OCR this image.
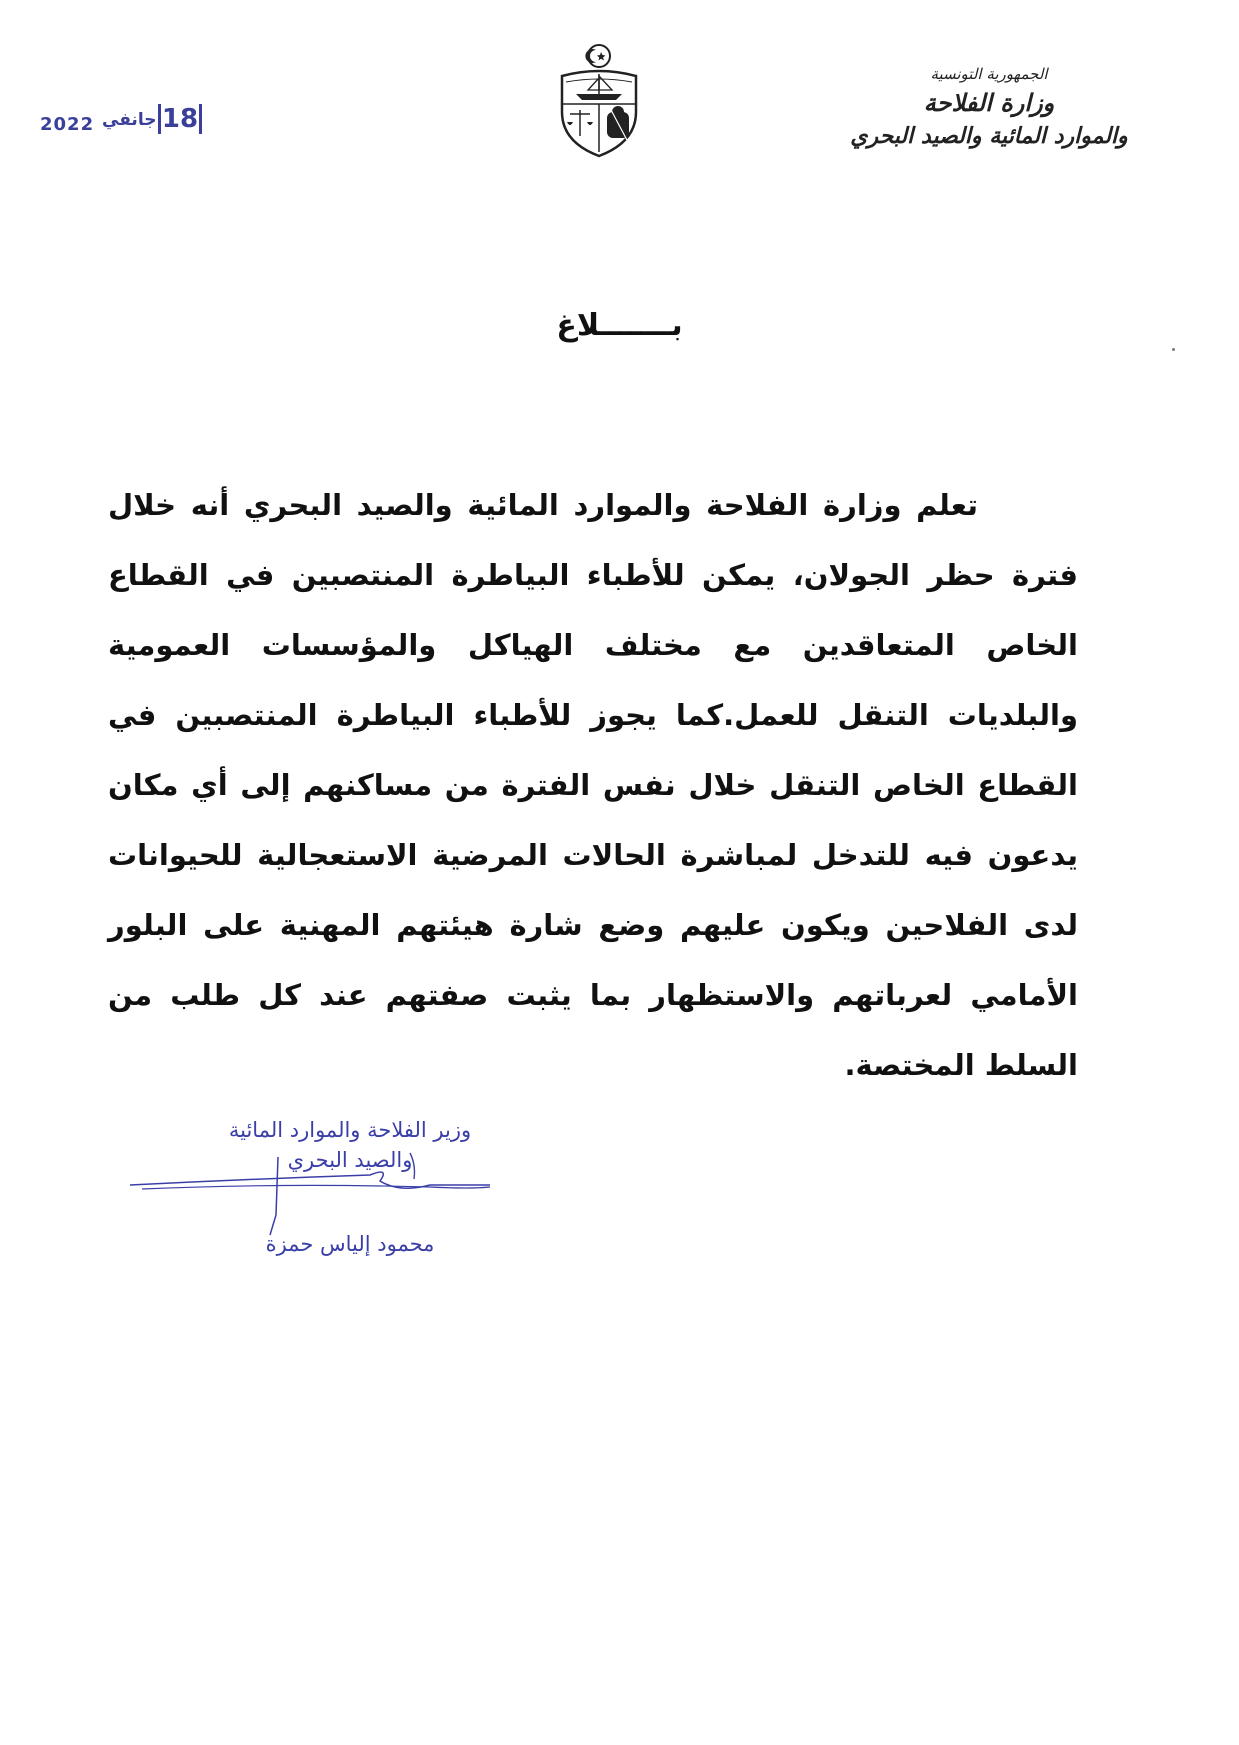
2022 جانفي 18
الجمهورية التونسية
وزارة الفلاحة
والموارد المائية والصيد البحري
بـــــــلاغ
تعلم وزارة الفلاحة والموارد المائية والصيد البحري أنه خلال فترة حظر الجولان، يمكن للأطباء البياطرة المنتصبين في القطاع الخاص المتعاقدين مع مختلف الهياكل والمؤسسات العمومية والبلديات التنقل للعمل.كما يجوز للأطباء البياطرة المنتصبين في القطاع الخاص التنقل خلال نفس الفترة من مساكنهم إلى أي مكان يدعون فيه للتدخل لمباشرة الحالات المرضية الاستعجالية للحيوانات لدى الفلاحين ويكون عليهم وضع شارة هيئتهم المهنية على البلور الأمامي لعرباتهم والاستظهار بما يثبت صفتهم عند كل طلب من السلط المختصة.
وزير الفلاحة والموارد المائية
والصيد البحري
محمود إلياس حمزة
